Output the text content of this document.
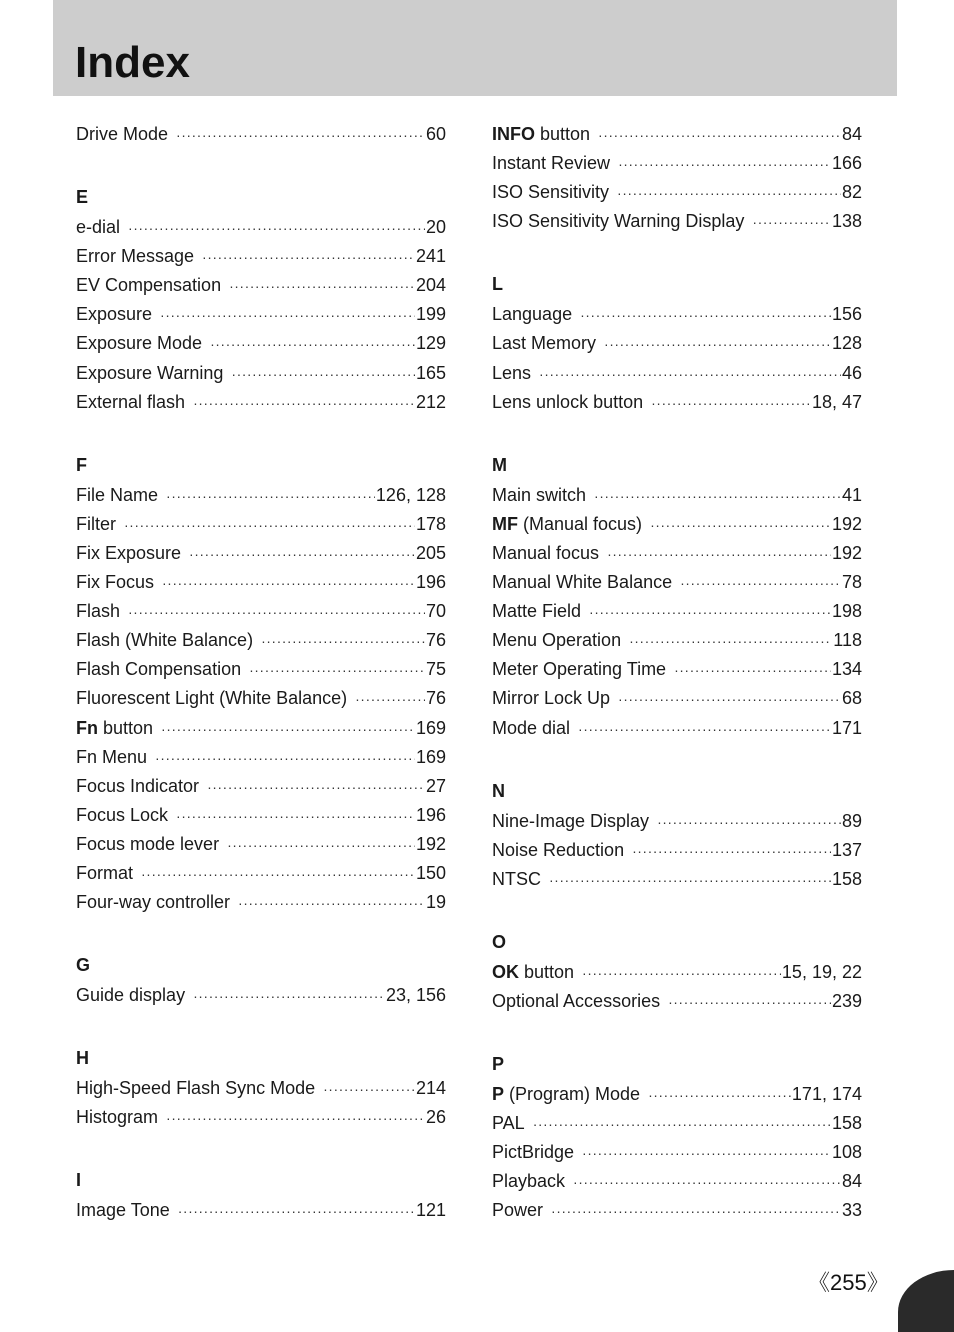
Index
Drive Mode ·····	60
E
e-dial ·····	20
Error Message ·····	241
EV Compensation ·····	204
Exposure ·····	199
Exposure Mode ·····	129
Exposure Warning ·····	165
External flash ·····	212
F
File Name ·····	126, 128
Filter ·····	178
Fix Exposure ·····	205
Fix Focus ·····	196
Flash ·····	70
Flash (White Balance) ·····	76
Flash Compensation ·····	75
Fluorescent Light (White Balance) ·····	76
Fn button ·····	169
Fn Menu ·····	169
Focus Indicator ·····	27
Focus Lock ·····	196
Focus mode lever ·····	192
Format ·····	150
Four-way controller ·····	19
G
Guide display ·····	23, 156
H
High-Speed Flash Sync Mode ·····	214
Histogram ·····	26
I
Image Tone ·····	121
INFO button ·····	84
Instant Review ·····	166
ISO Sensitivity ·····	82
ISO Sensitivity Warning Display ·····	138
L
Language ·····	156
Last Memory ·····	128
Lens ·····	46
Lens unlock button ·····	18, 47
M
Main switch ·····	41
MF (Manual focus) ·····	192
Manual focus ·····	192
Manual White Balance ·····	78
Matte Field ·····	198
Menu Operation ·····	118
Meter Operating Time ·····	134
Mirror Lock Up ·····	68
Mode dial ·····	171
N
Nine-Image Display ·····	89
Noise Reduction ·····	137
NTSC ·····	158
O
OK button ·····	15, 19, 22
Optional Accessories ·····	239
P
P (Program) Mode ·····	171, 174
PAL ·····	158
PictBridge ·····	108
Playback ·····	84
Power ·····	33
《255》
